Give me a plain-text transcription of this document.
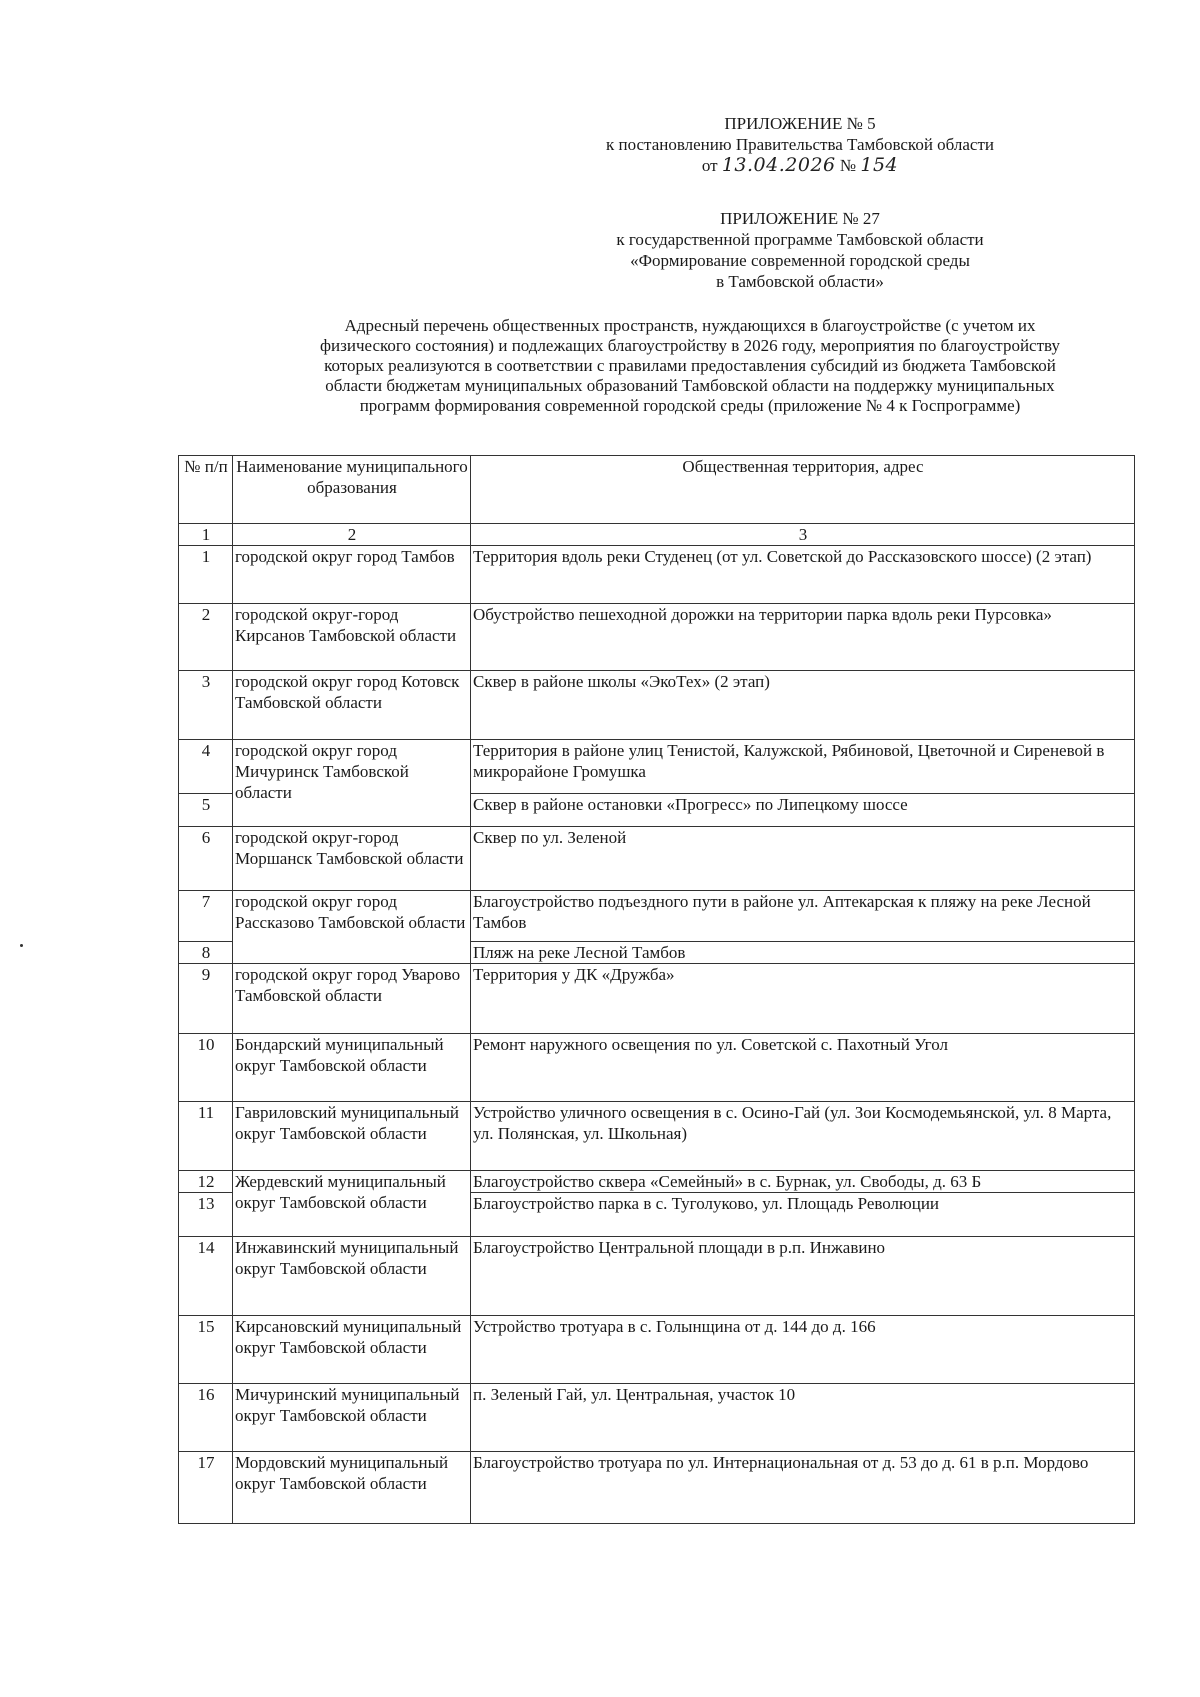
ПРИЛОЖЕНИЕ № 5
к постановлению Правительства Тамбовской области
от 13.04.2026 № 154
ПРИЛОЖЕНИЕ № 27
к государственной программе Тамбовской области
«Формирование современной городской среды
в Тамбовской области»
Адресный перечень общественных пространств, нуждающихся в благоустройстве (с учетом их
физического состояния) и подлежащих благоустройству в 2026 году, мероприятия по благоустройству
которых реализуются в соответствии с правилами предоставления субсидий из бюджета Тамбовской
области бюджетам муниципальных образований Тамбовской области на поддержку муниципальных
программ формирования современной городской среды (приложение № 4 к Госпрограмме)
№ п/п	Наименование муниципального образования	Общественная территория, адрес
1	2	3
1	городской округ город Тамбов	Территория вдоль реки Студенец (от ул. Советской до Рассказовского шоссе) (2 этап)
2	городской округ-город Кирсанов Тамбовской области	Обустройство пешеходной дорожки на территории парка вдоль реки Пурсовка»
3	городской округ город Котовск Тамбовской области	Сквер в районе школы «ЭкоТех» (2 этап)
4	городской округ город Мичуринск Тамбовской области	Территория в районе улиц Тенистой, Калужской, Рябиновой, Цветочной и Сиреневой в микрорайоне Громушка
5		Сквер в районе остановки «Прогресс» по Липецкому шоссе
6	городской округ-город Моршанск Тамбовской области	Сквер по ул. Зеленой
7	городской округ город Рассказово Тамбовской области	Благоустройство подъездного пути в районе ул. Аптекарская к пляжу на реке Лесной Тамбов
8		Пляж на реке Лесной Тамбов
9	городской округ город Уварово Тамбовской области	Территория у ДК «Дружба»
10	Бондарский муниципальный округ Тамбовской области	Ремонт наружного освещения по ул. Советской с. Пахотный Угол
11	Гавриловский муниципальный округ Тамбовской области	Устройство уличного освещения в с. Осино-Гай (ул. Зои Космодемьянской, ул. 8 Марта, ул. Полянская, ул. Школьная)
12	Жердевский муниципальный округ Тамбовской области	Благоустройство сквера «Семейный» в с. Бурнак, ул. Свободы, д. 63 Б
13		Благоустройство парка в с. Туголуково, ул. Площадь Революции
14	Инжавинский муниципальный округ Тамбовской области	Благоустройство Центральной площади в р.п. Инжавино
15	Кирсановский муниципальный округ Тамбовской области	Устройство тротуара в с. Голынщина от д. 144 до д. 166
16	Мичуринский муниципальный округ Тамбовской области	п. Зеленый Гай, ул. Центральная, участок 10
17	Мордовский муниципальный округ Тамбовской области	Благоустройство тротуара по ул. Интернациональная от д. 53 до д. 61 в р.п. Мордово
